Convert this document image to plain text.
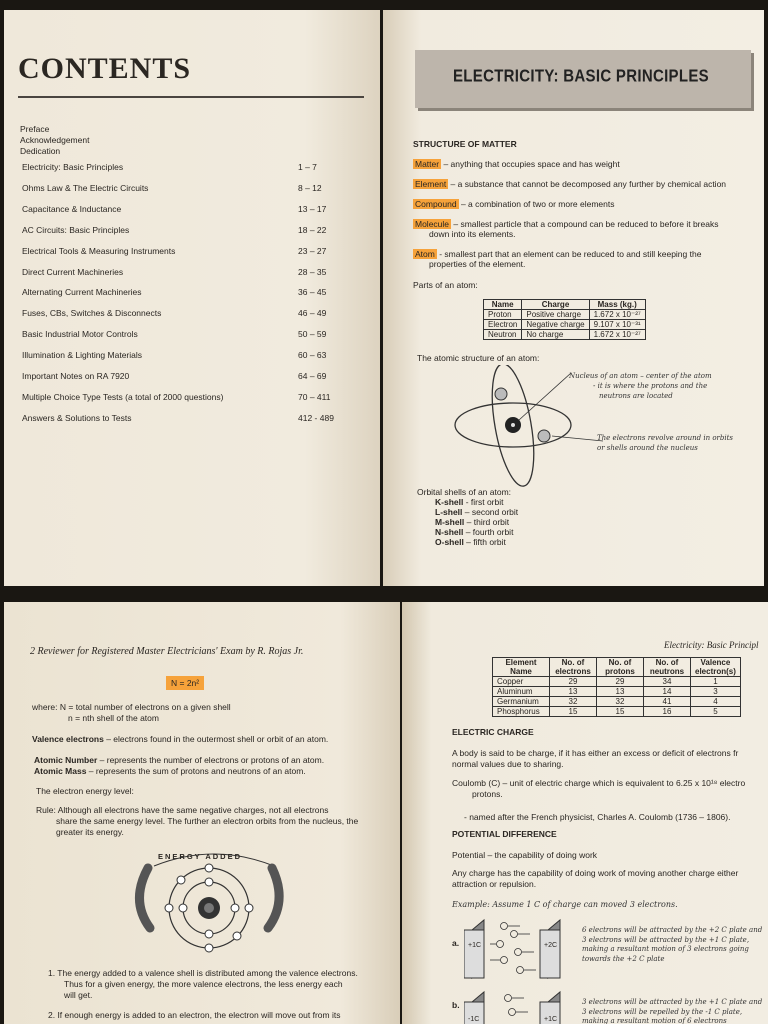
CONTENTS
Preface
Acknowledgement
Dedication
Electricity: Basic Principles	1 – 7
Ohms Law & The Electric Circuits	8 – 12
Capacitance & Inductance	13 – 17
AC Circuits: Basic Principles	18 – 22
Electrical Tools & Measuring Instruments	23 – 27
Direct Current Machineries	28 – 35
Alternating Current Machineries	36 – 45
Fuses, CBs, Switches & Disconnects	46 – 49
Basic Industrial Motor Controls	50 – 59
Illumination & Lighting Materials	60 – 63
Important Notes on RA 7920	64 – 69
Multiple Choice Type Tests (a total of 2000 questions)	70 – 411
Answers & Solutions to Tests	412 - 489
ELECTRICITY: BASIC PRINCIPLES
STRUCTURE OF MATTER
Matter – anything that occupies space and has weight
Element – a substance that cannot be decomposed any further by chemical action
Compound – a combination of two or more elements
Molecule – smallest particle that a compound can be reduced to before it breaks
down into its elements.
Atom - smallest part that an element can be reduced to and still keeping the
properties of the element.
Parts of an atom:
Name	Charge	Mass (kg.)
Proton	Positive charge	1.672 x 10⁻²⁷
Electron	Negative charge	9.107 x 10⁻³¹
Neutron	No charge	1.672 x 10⁻²⁷
The atomic structure of an atom:
Nucleus of an atom – center of the atom
- it is where the protons and the
neutrons are located
The electrons revolve around in orbits
or shells around the nucleus
Orbital shells of an atom:
K-shell - first orbit
L-shell – second orbit
M-shell – third orbit
N-shell – fourth orbit
O-shell – fifth orbit
2 Reviewer for Registered Master Electricians' Exam by R. Rojas Jr.
N = 2n²
where: N = total number of electrons on a given shell
n = nth shell of the atom
Valence electrons – electrons found in the outermost shell or orbit of an atom.
Atomic Number – represents the number of electrons or protons of an atom.
Atomic Mass – represents the sum of protons and neutrons of an atom.
The electron energy level:
Rule: Although all electrons have the same negative charges, not all electrons
share the same energy level. The further an electron orbits from the nucleus, the
greater its energy.
ENERGY ADDED
1. The energy added to a valence shell is distributed among the valence electrons.
Thus for a given energy, the more valence electrons, the less energy each
will get.
2. If enough energy is added to an electron, the electron will move out from its
Electricity: Basic Principl
Element Name	No. of electrons	No. of protons	No. of neutrons	Valence electron(s)
Copper	29	29	34	1
Aluminum	13	13	14	3
Germanium	32	32	41	4
Phosphorus	15	15	16	5
ELECTRIC CHARGE
A body is said to be charge, if it has either an excess or deficit of electrons fr
normal values due to sharing.
Coulomb (C) – unit of electric charge which is equivalent to 6.25 x 10¹⁸ electro
protons.
- named after the French physicist, Charles A. Coulomb (1736 – 1806).
POTENTIAL DIFFERENCE
Potential – the capability of doing work
Any charge has the capability of doing work of moving another charge either
attraction or repulsion.
Example: Assume 1 C of charge can moved 3 electrons.
a. +1C	+2C
6 electrons will be attracted by the +2 C plate and
3 electrons will be attracted by the +1 C plate,
making a resultant motion of 3 electrons going
towards the +2 C plate
b.
-1C	+1C
3 electrons will be attracted by the +1 C plate and
3 electrons will be repelled by the -1 C plate,
making a resultant motion of 6 electrons
